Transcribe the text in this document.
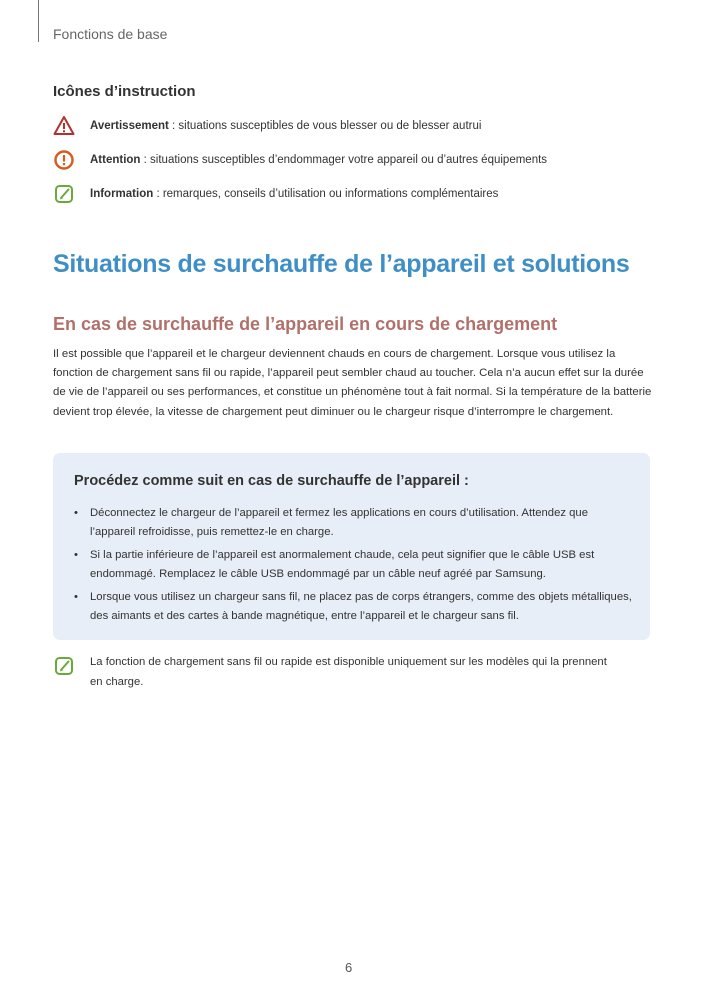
Fonctions de base
Icônes d’instruction
Avertissement : situations susceptibles de vous blesser ou de blesser autrui
Attention : situations susceptibles d’endommager votre appareil ou d’autres équipements
Information : remarques, conseils d’utilisation ou informations complémentaires
Situations de surchauffe de l’appareil et solutions
En cas de surchauffe de l’appareil en cours de chargement

Il est possible que l’appareil et le chargeur deviennent chauds en cours de chargement. Lorsque vous utilisez la fonction de chargement sans fil ou rapide, l’appareil peut sembler chaud au toucher. Cela n’a aucun effet sur la durée de vie de l’appareil ou ses performances, et constitue un phénomène tout à fait normal. Si la température de la batterie devient trop élevée, la vitesse de chargement peut diminuer ou le chargeur risque d’interrompre le chargement.

Procédez comme suit en cas de surchauffe de l’appareil :
• Déconnectez le chargeur de l’appareil et fermez les applications en cours d’utilisation. Attendez que l’appareil refroidisse, puis remettez-le en charge.
• Si la partie inférieure de l’appareil est anormalement chaude, cela peut signifier que le câble USB est endommagé. Remplacez le câble USB endommagé par un câble neuf agréé par Samsung.
• Lorsque vous utilisez un chargeur sans fil, ne placez pas de corps étrangers, comme des objets métalliques, des aimants et des cartes à bande magnétique, entre l’appareil et le chargeur sans fil.

La fonction de chargement sans fil ou rapide est disponible uniquement sur les modèles qui la prennent en charge.

6
